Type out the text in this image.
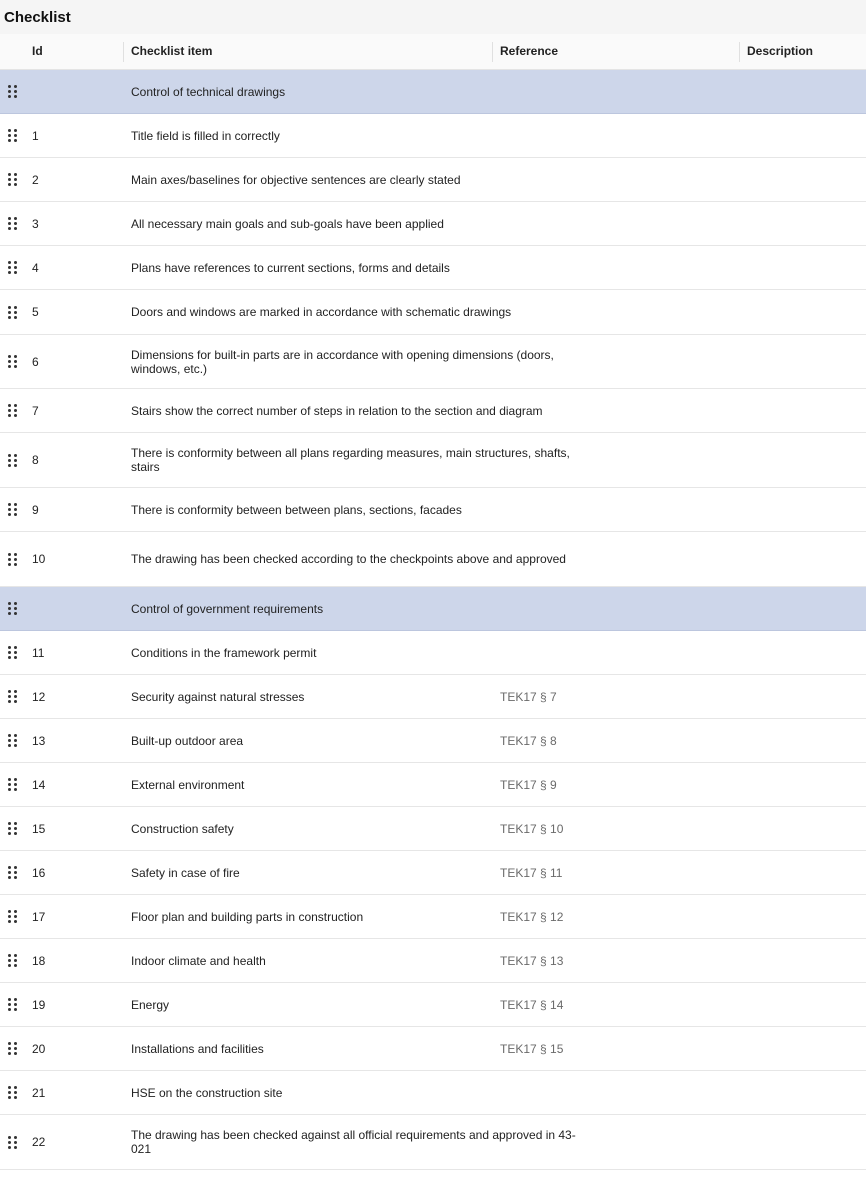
Checklist
Id	Checklist item	Reference	Description
Control of technical drawings
1	Title field is filled in correctly
2	Main axes/baselines for objective sentences are clearly stated
3	All necessary main goals and sub-goals have been applied
4	Plans have references to current sections, forms and details
5	Doors and windows are marked in accordance with schematic drawings
6	Dimensions for built-in parts are in accordance with opening dimensions (doors, windows, etc.)
7	Stairs show the correct number of steps in relation to the section and diagram
8	There is conformity between all plans regarding measures, main structures, shafts, stairs
9	There is conformity between between plans, sections, facades
10	The drawing has been checked according to the checkpoints above and approved
Control of government requirements
11	Conditions in the framework permit
12	Security against natural stresses	TEK17 § 7
13	Built-up outdoor area	TEK17 § 8
14	External environment	TEK17 § 9
15	Construction safety	TEK17 § 10
16	Safety in case of fire	TEK17 § 11
17	Floor plan and building parts in construction	TEK17 § 12
18	Indoor climate and health	TEK17 § 13
19	Energy	TEK17 § 14
20	Installations and facilities	TEK17 § 15
21	HSE on the construction site
22	The drawing has been checked against all official requirements and approved in 43-021
